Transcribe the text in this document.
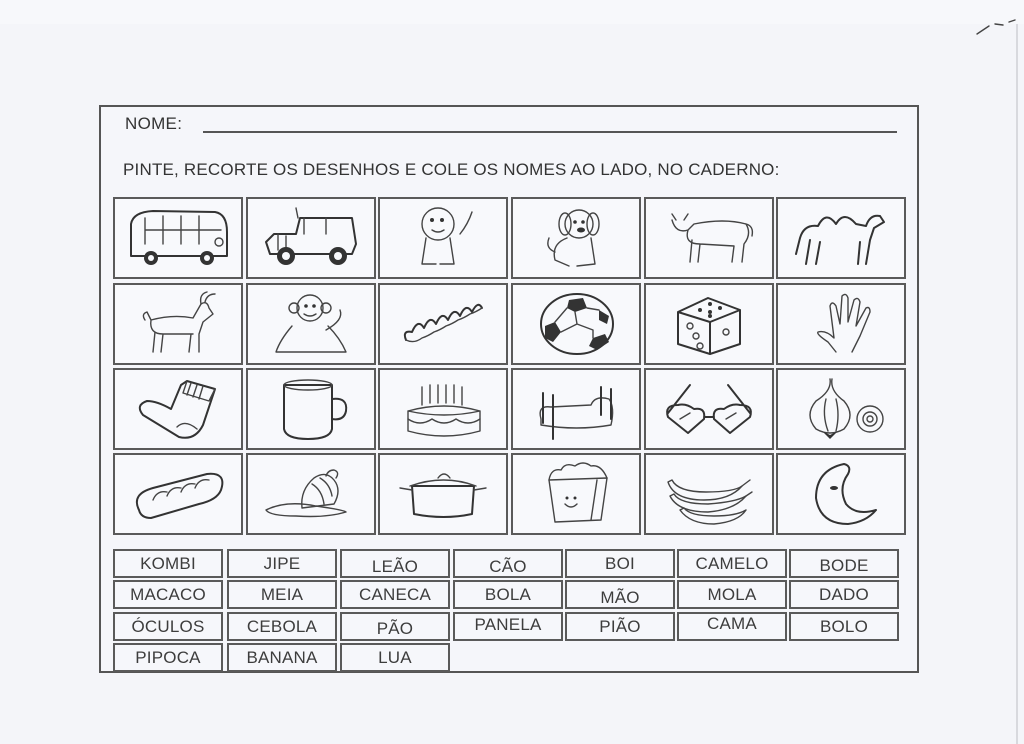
NOME:
PINTE, RECORTE OS DESENHOS E COLE OS NOMES AO LADO, NO CADERNO:
KOMBI	JIPE	LEÃO	CÃO	BOI	CAMELO	BODE
MACACO	MEIA	CANECA	BOLA	MÃO	MOLA	DADO
ÓCULOS	CEBOLA	PÃO	PANELA	PIÃO	CAMA	BOLO
PIPOCA	BANANA	LUA
